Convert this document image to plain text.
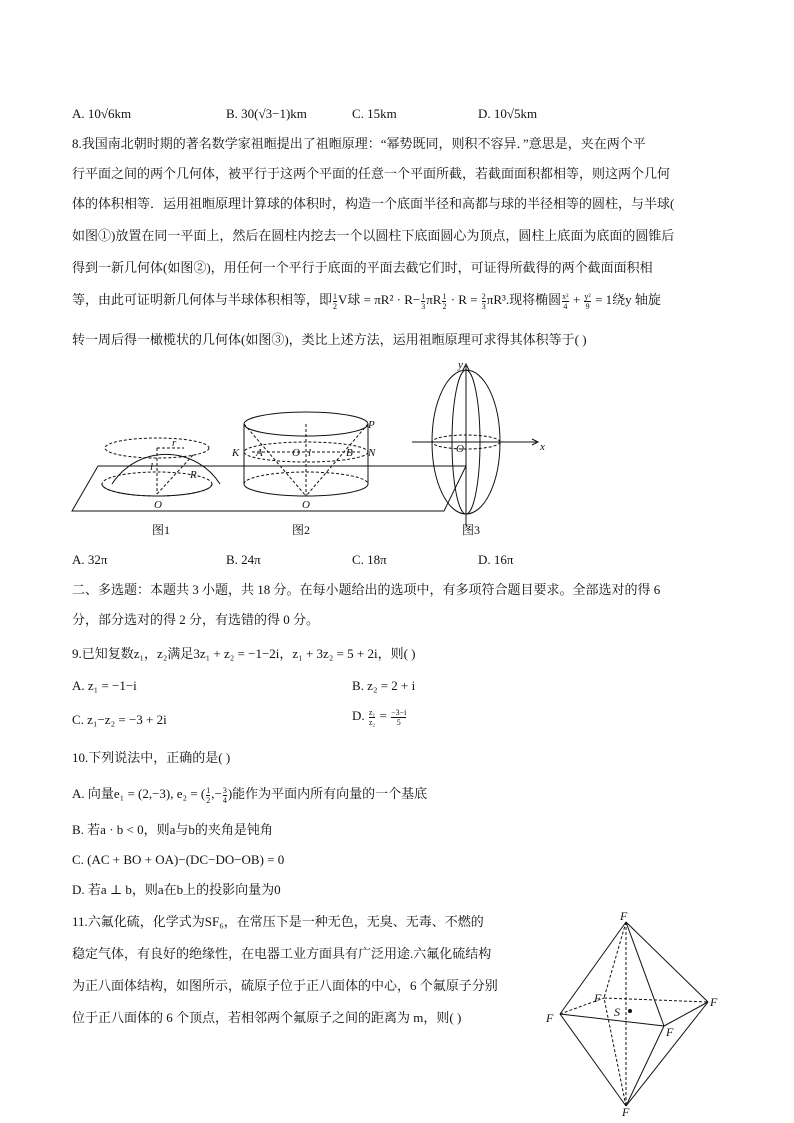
A. 10√6km	B. 30(√3−1)km	C. 15km	D. 10√5km
8.我国南北朝时期的著名数学家祖暅提出了祖暅原理：“幂势既同，则积不容异．”意思是，夹在两个平
行平面之间的两个几何体，被平行于这两个平面的任意一个平面所截，若截面面积都相等，则这两个几何
体的体积相等．运用祖暅原理计算球的体积时，构造一个底面半径和高都与球的半径相等的圆柱，与半球(
如图①)放置在同一平面上，然后在圆柱内挖去一个以圆柱下底面圆心为顶点，圆柱上底面为底面的圆锥后
得到一新几何体(如图②)，用任何一个平行于底面的平面去截它们时，可证得所截得的两个截面面积相
等，由此可证明新几何体与半球体积相等，即 $\frac{1}{2}$ V球 = $\pi R^2 \cdot R- \frac{1}{3}$ πR $\frac{1}{2} \cdot R = \frac{2}{3} \pi R^3$.现将椭圆 $\frac{\text{x²}}{4} + \frac{\text{y²}}{9} = 1$绕y 轴旋
转一周后得一橄榄状的几何体(如图③)，类比上述方法，运用祖暅原理可求得其体积等于( )
r
l
R
O
K A	O l	B N
P
O
y
x
O
图1	图2	图3
A. 32π	B. 24π	C. 18π	D. 16π
二、多选题：本题共 3 小题，共 18 分。在每小题给出的选项中，有多项符合题目要求。全部选对的得 6
分，部分选对的得 2 分，有选错的得 0 分。
9.已知复数z₁，z₂满足3z₁ + z₂ = −1−2i，z₁ + 3z₂ = 5 + 2i，则( )
A. z₁ = −1−i	B. z₂ = 2 + i
C. z₁−z₂ = −3 + 2i	D. $\frac{\text{z₁}}{\text{z₂}} = \frac{-3-i}{5}$
10.下列说法中，正确的是( )
A. 向量e₁ = (2,−3), e₂ = ( $\frac{1}{2}$ ,− $\frac{3}{4}$ )能作为平面内所有向量的一个基底
B. 若a · b < 0，则a与b的夹角是钝角
C. (AC + BO + OA)−(DC−DO−OB) = 0
D. 若a ⊥ b，则a在b上的投影向量为0
11.六氟化硫，化学式为SF₆，在常压下是一种无色，无臭、无毒、不燃的
稳定气体，有良好的绝缘性，在电器工业方面具有广泛用途.六氟化硫结构
为正八面体结构，如图所示，硫原子位于正八面体的中心，6 个氟原子分别
位于正八面体的 6 个顶点，若相邻两个氟原子之间的距离为 m，则( )
F
F
F
F
F
F
S
